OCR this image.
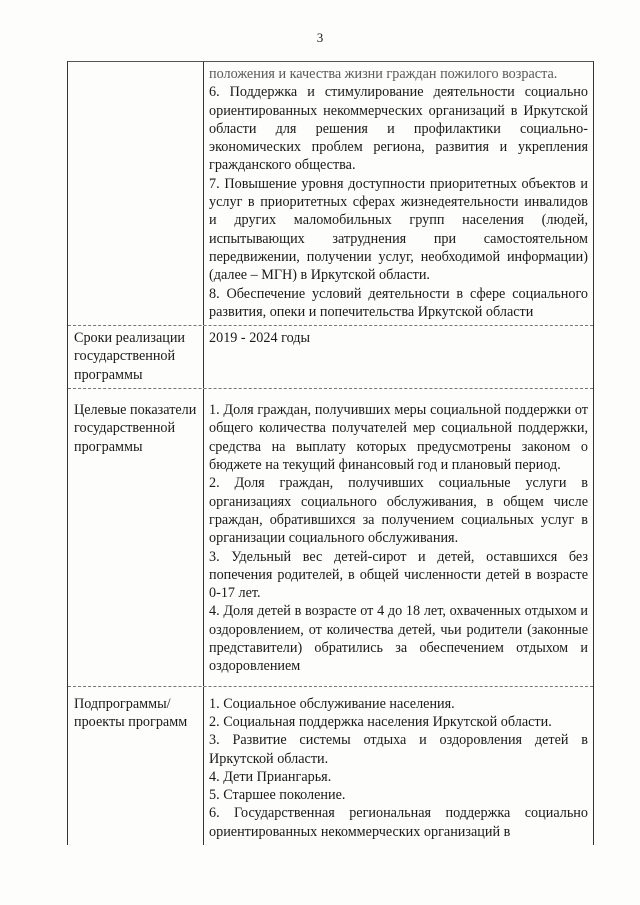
3

положения и качества жизни граждан пожилого возраста.

6. Поддержка и стимулирование деятельности социально ориентированных некоммерческих организаций в Иркутской области для решения и профилактики социально-экономических проблем региона, развития и укрепления гражданского общества.

7. Повышение уровня доступности приоритетных объектов и услуг в приоритетных сферах жизнедеятельности инвалидов и других маломобильных групп населения (людей, испытывающих затруднения при самостоятельном передвижении, получении услуг, необходимой информации) (далее – МГН) в Иркутской области.

8. Обеспечение условий деятельности в сфере социального развития, опеки и попечительства Иркутской области

Сроки реализации государственной программы

2019 - 2024 годы

Целевые показатели государственной программы

1. Доля граждан, получивших меры социальной поддержки от общего количества получателей мер социальной поддержки, средства на выплату которых предусмотрены законом о бюджете на текущий финансовый год и плановый период.

2. Доля граждан, получивших социальные услуги в организациях социального обслуживания, в общем числе граждан, обратившихся за получением социальных услуг в организации социального обслуживания.

3. Удельный вес детей-сирот и детей, оставшихся без попечения родителей, в общей численности детей в возрасте 0-17 лет.

4. Доля детей в возрасте от 4 до 18 лет, охваченных отдыхом и оздоровлением, от количества детей, чьи родители (законные представители) обратились за обеспечением отдыхом и оздоровлением

Подпрограммы/ проекты программ

1. Социальное обслуживание населения.

2. Социальная поддержка населения Иркутской области.

3. Развитие системы отдыха и оздоровления детей в Иркутской области.

4. Дети Приангарья.

5. Старшее поколение.

6. Государственная региональная поддержка социально ориентированных некоммерческих организаций в
